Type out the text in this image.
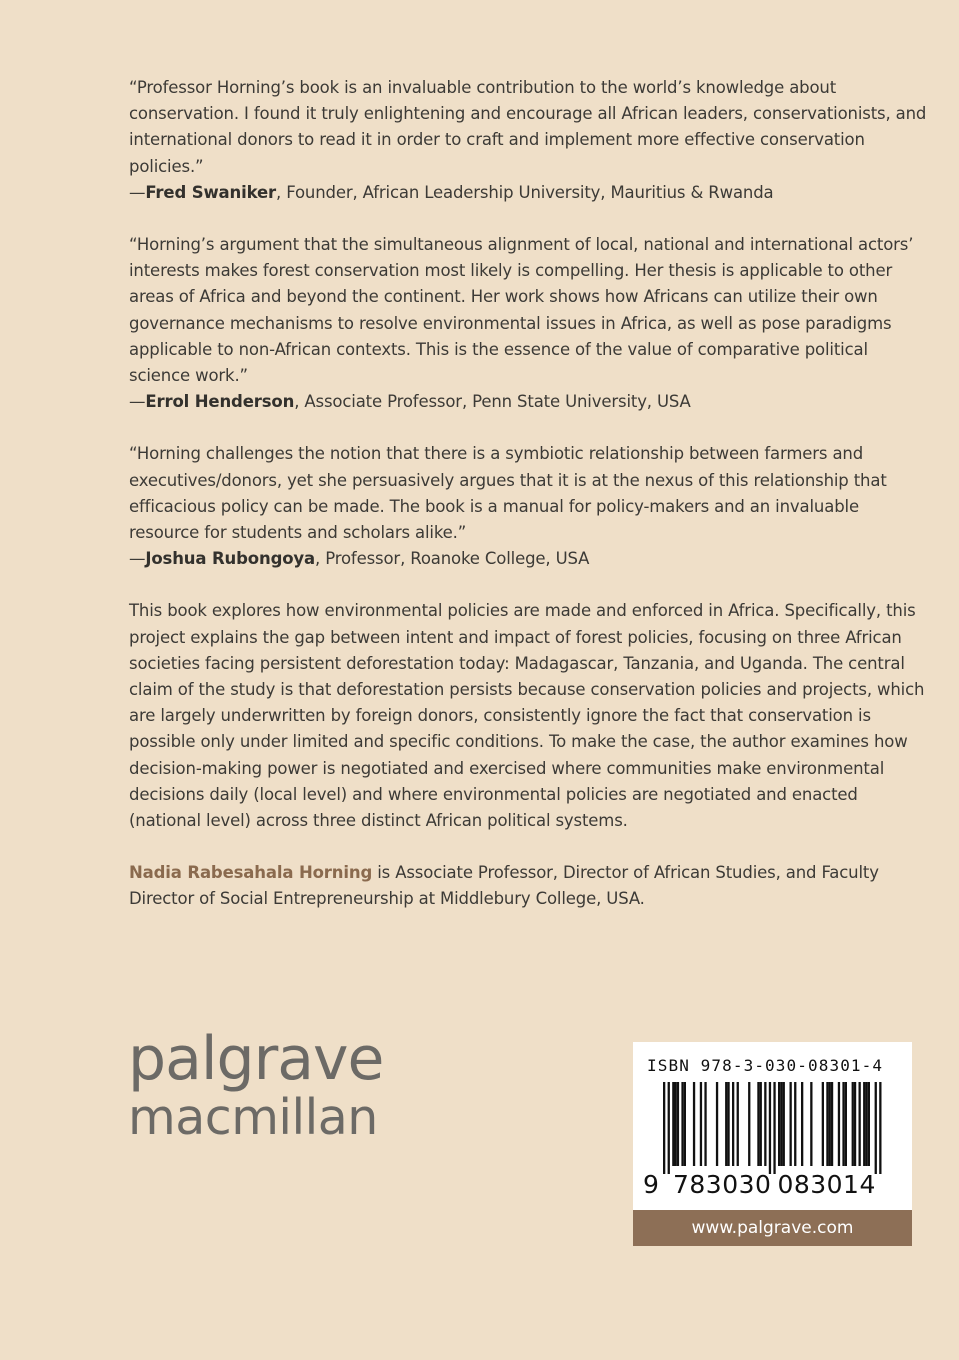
“Professor Horning’s book is an invaluable contribution to the world’s knowledge about conservation. I found it truly enlightening and encourage all African leaders, conservationists, and international donors to read it in order to craft and implement more effective conservation policies.”

—Fred Swaniker, Founder, African Leadership University, Mauritius & Rwanda

“Horning’s argument that the simultaneous alignment of local, national and international actors’ interests makes forest conservation most likely is compelling. Her thesis is applicable to other areas of Africa and beyond the continent. Her work shows how Africans can utilize their own governance mechanisms to resolve environmental issues in Africa, as well as pose paradigms applicable to non-African contexts. This is the essence of the value of comparative political science work.”

—Errol Henderson, Associate Professor, Penn State University, USA

“Horning challenges the notion that there is a symbiotic relationship between farmers and executives/donors, yet she persuasively argues that it is at the nexus of this relationship that efficacious policy can be made. The book is a manual for policy-makers and an invaluable resource for students and scholars alike.”

—Joshua Rubongoya, Professor, Roanoke College, USA

This book explores how environmental policies are made and enforced in Africa. Specifically, this project explains the gap between intent and impact of forest policies, focusing on three African societies facing persistent deforestation today: Madagascar, Tanzania, and Uganda. The central claim of the study is that deforestation persists because conservation policies and projects, which are largely underwritten by foreign donors, consistently ignore the fact that conservation is possible only under limited and specific conditions. To make the case, the author examines how decision-making power is negotiated and exercised where communities make environmental decisions daily (local level) and where environmental policies are negotiated and enacted (national level) across three distinct African political systems.

Nadia Rabesahala Horning is Associate Professor, Director of African Studies, and Faculty Director of Social Entrepreneurship at Middlebury College, USA.

palgrave
macmillan
ISBN 978-3-030-08301-4
9 783030 083014
www.palgrave.com
